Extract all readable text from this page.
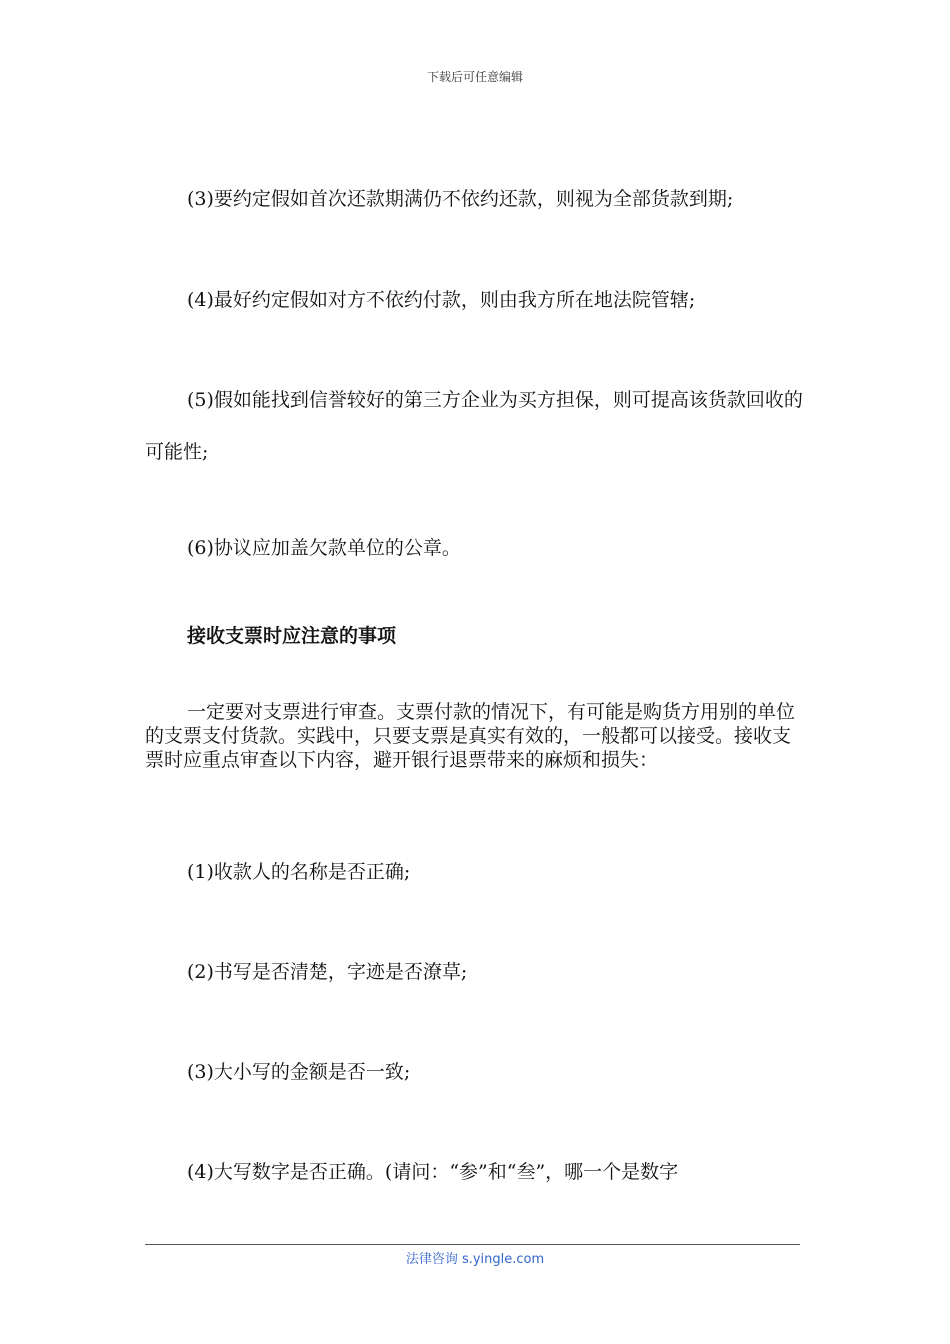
下载后可任意编辑
(3)要约定假如首次还款期满仍不依约还款，则视为全部货款到期;
(4)最好约定假如对方不依约付款，则由我方所在地法院管辖;
(5)假如能找到信誉较好的第三方企业为买方担保，则可提高该货款回收的可能性;
(6)协议应加盖欠款单位的公章。
接收支票时应注意的事项
一定要对支票进行审查。支票付款的情况下，有可能是购货方用别的单位的支票支付货款。实践中，只要支票是真实有效的，一般都可以接受。接收支票时应重点审查以下内容，避开银行退票带来的麻烦和损失：
(1)收款人的名称是否正确;
(2)书写是否清楚，字迹是否潦草;
(3)大小写的金额是否一致;
(4)大写数字是否正确。(请问：“参”和“叁”，哪一个是数字
法律咨询 s.yingle.com
